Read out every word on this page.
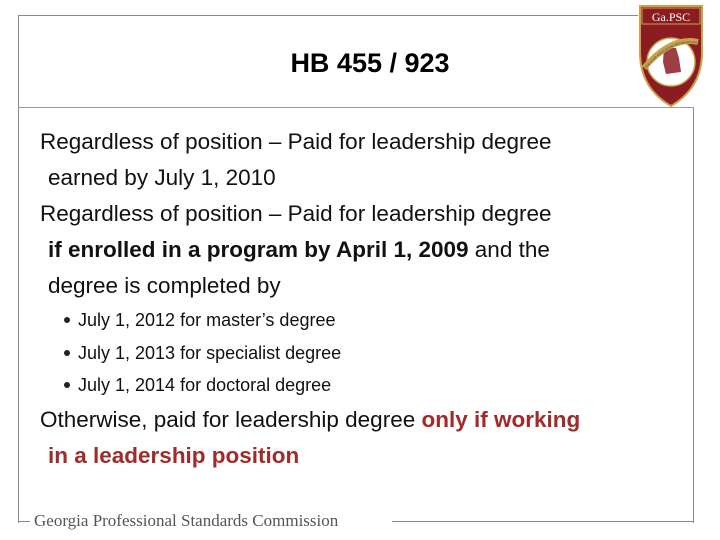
HB 455 / 923
Ga.PSC
EDUCATOR EDUCATION PREPARATION
Regardless of position – Paid for leadership degree
earned by July 1, 2010
Regardless of position – Paid for leadership degree
if enrolled in a program by April 1, 2009 and the
degree is completed by
July 1, 2012 for master’s degree
July 1, 2013 for specialist degree
July 1, 2014 for doctoral degree
Otherwise, paid for leadership degree only if working
in a leadership position
Georgia Professional Standards Commission
